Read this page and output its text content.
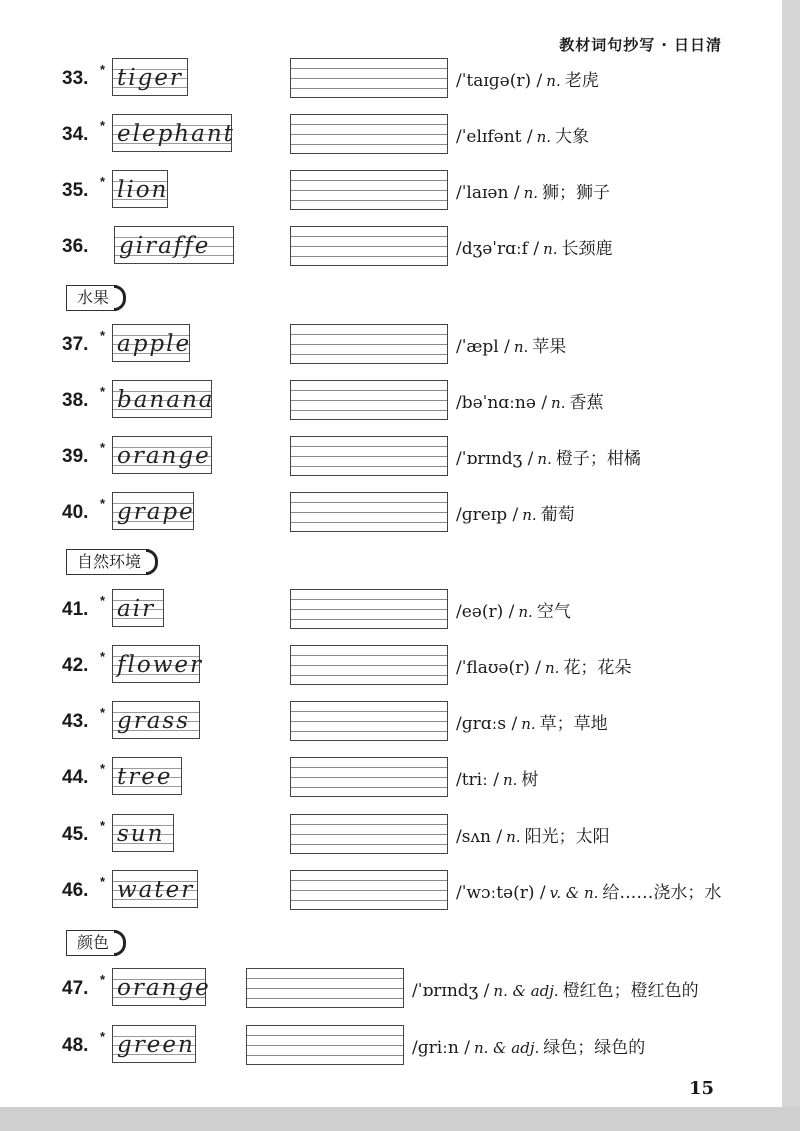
教材词句抄写 · 日日清
33. * tiger	/ˈtaɪɡə(r) / n. 老虎
34. * elephant	/ˈelɪfənt / n. 大象
35. * lion	/ˈlaɪən / n. 狮；狮子
36. giraffe	/dʒəˈrɑːf / n. 长颈鹿
水果
37. * apple	/ˈæpl / n. 苹果
38. * banana	/bəˈnɑːnə / n. 香蕉
39. * orange	/ˈɒrɪndʒ / n. 橙子；柑橘
40. * grape	/ɡreɪp / n. 葡萄
自然环境
41. * air	/eə(r) / n. 空气
42. * flower	/ˈflaʊə(r) / n. 花；花朵
43. * grass	/ɡrɑːs / n. 草；草地
44. * tree	/triː / n. 树
45. * sun	/sʌn / n. 阳光；太阳
46. * water	/ˈwɔːtə(r) / v. & n. 给……浇水；水
颜色
47. * orange	/ˈɒrɪndʒ / n. & adj. 橙红色；橙红色的
48. * green	/ɡriːn / n. & adj. 绿色；绿色的
15
